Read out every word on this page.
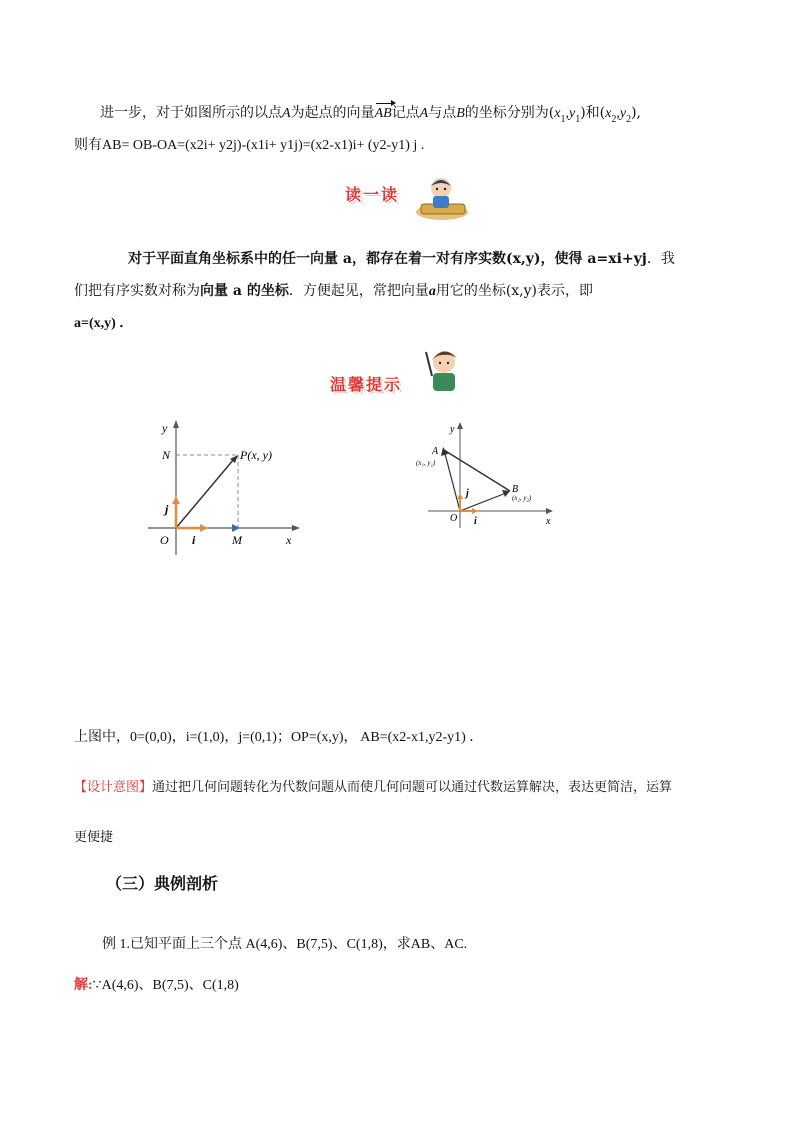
进一步，对于如图所示的以点A为起点的向量AB记点A与点B的坐标分别为$(x_1,y_1)$和$(x_2,y_2)$,
则有AB= OB-OA=(x2i+ y2j)-(x1i+ y1j)=(x2-x1)i+ (y2-y1) j .
读一读
对于平面直角坐标系中的任一向量 a，都存在着一对有序实数(x,y)，使得 a=xi+yj．我
们把有序实数对称为向量 a 的坐标．方便起见，常把向量a用它的坐标(x,y)表示，即
a=(x,y) ．
温馨提示
y
x
N	P(x, y)
j
i
O	M
y
x
A
(x₁, y₁)
B
(x₂, y₂)
j
i
O
上图中，0=(0,0)，i=(1,0)，j=(0,1)；OP=(x,y)， AB=(x2-x1,y2-y1) ．
【设计意图】通过把几何问题转化为代数问题从而使几何问题可以通过代数运算解决，表达更简洁，运算
更便捷
（三）典例剖析
例 1.已知平面上三个点 A(4,6)、B(7,5)、C(1,8)，求AB、AC.
解:∵A(4,6)、B(7,5)、C(1,8)
